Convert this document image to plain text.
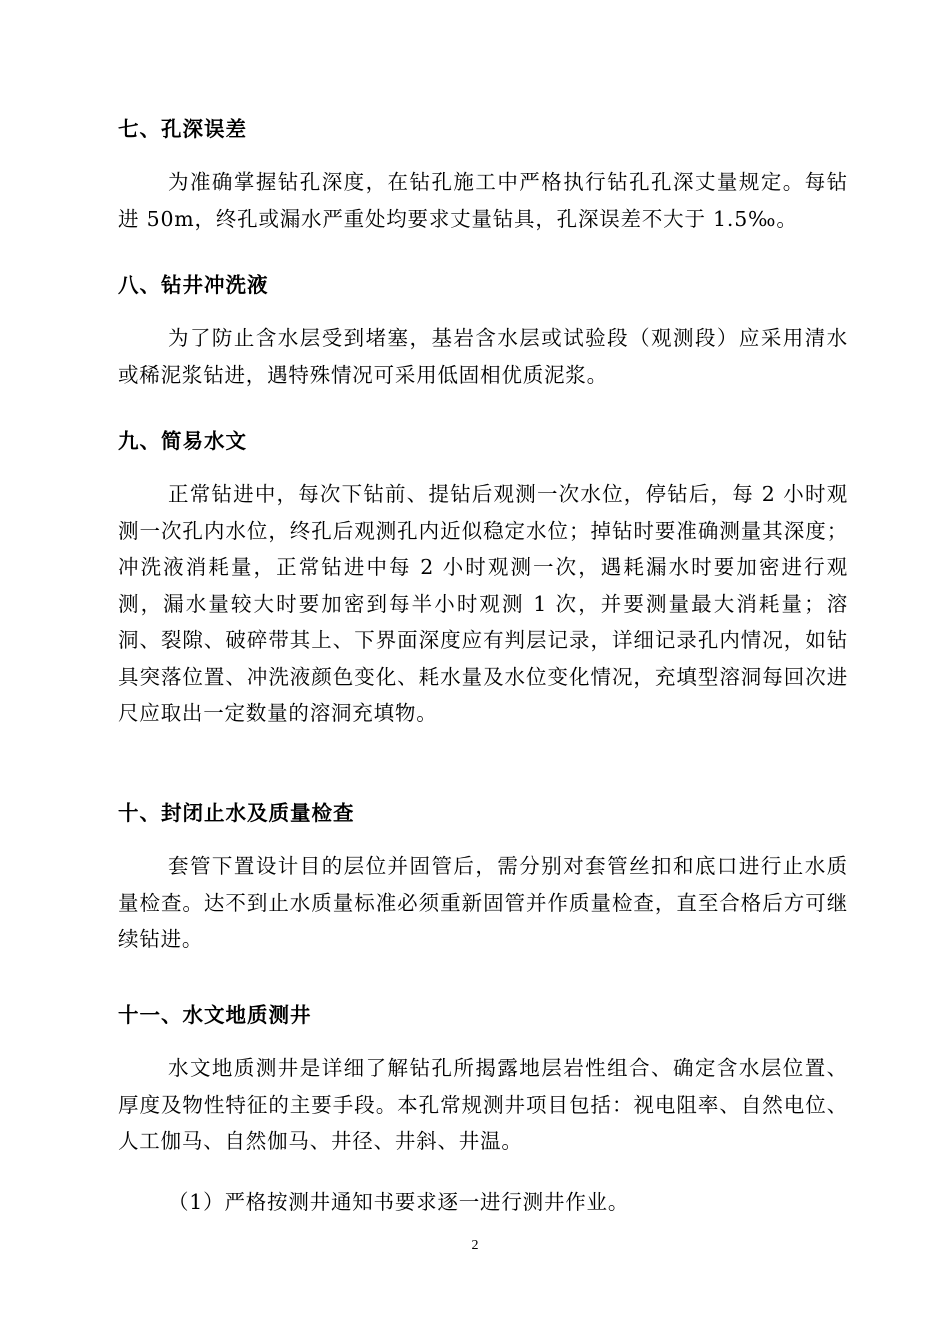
七、孔深误差

为准确掌握钻孔深度，在钻孔施工中严格执行钻孔孔深丈量规定。每钻进 50m，终孔或漏水严重处均要求丈量钻具，孔深误差不大于 1.5‰。

八、钻井冲洗液

为了防止含水层受到堵塞，基岩含水层或试验段（观测段）应采用清水或稀泥浆钻进，遇特殊情况可采用低固相优质泥浆。

九、简易水文

正常钻进中，每次下钻前、提钻后观测一次水位，停钻后，每 2 小时观测一次孔内水位，终孔后观测孔内近似稳定水位；掉钻时要准确测量其深度；冲洗液消耗量，正常钻进中每 2 小时观测一次，遇耗漏水时要加密进行观测，漏水量较大时要加密到每半小时观测 1 次，并要测量最大消耗量；溶洞、裂隙、破碎带其上、下界面深度应有判层记录，详细记录孔内情况，如钻具突落位置、冲洗液颜色变化、耗水量及水位变化情况，充填型溶洞每回次进尺应取出一定数量的溶洞充填物。

十、封闭止水及质量检查

套管下置设计目的层位并固管后，需分别对套管丝扣和底口进行止水质量检查。达不到止水质量标准必须重新固管并作质量检查，直至合格后方可继续钻进。

十一、水文地质测井

水文地质测井是详细了解钻孔所揭露地层岩性组合、确定含水层位置、厚度及物性特征的主要手段。本孔常规测井项目包括：视电阻率、自然电位、人工伽马、自然伽马、井径、井斜、井温。

（1）严格按测井通知书要求逐一进行测井作业。
2
